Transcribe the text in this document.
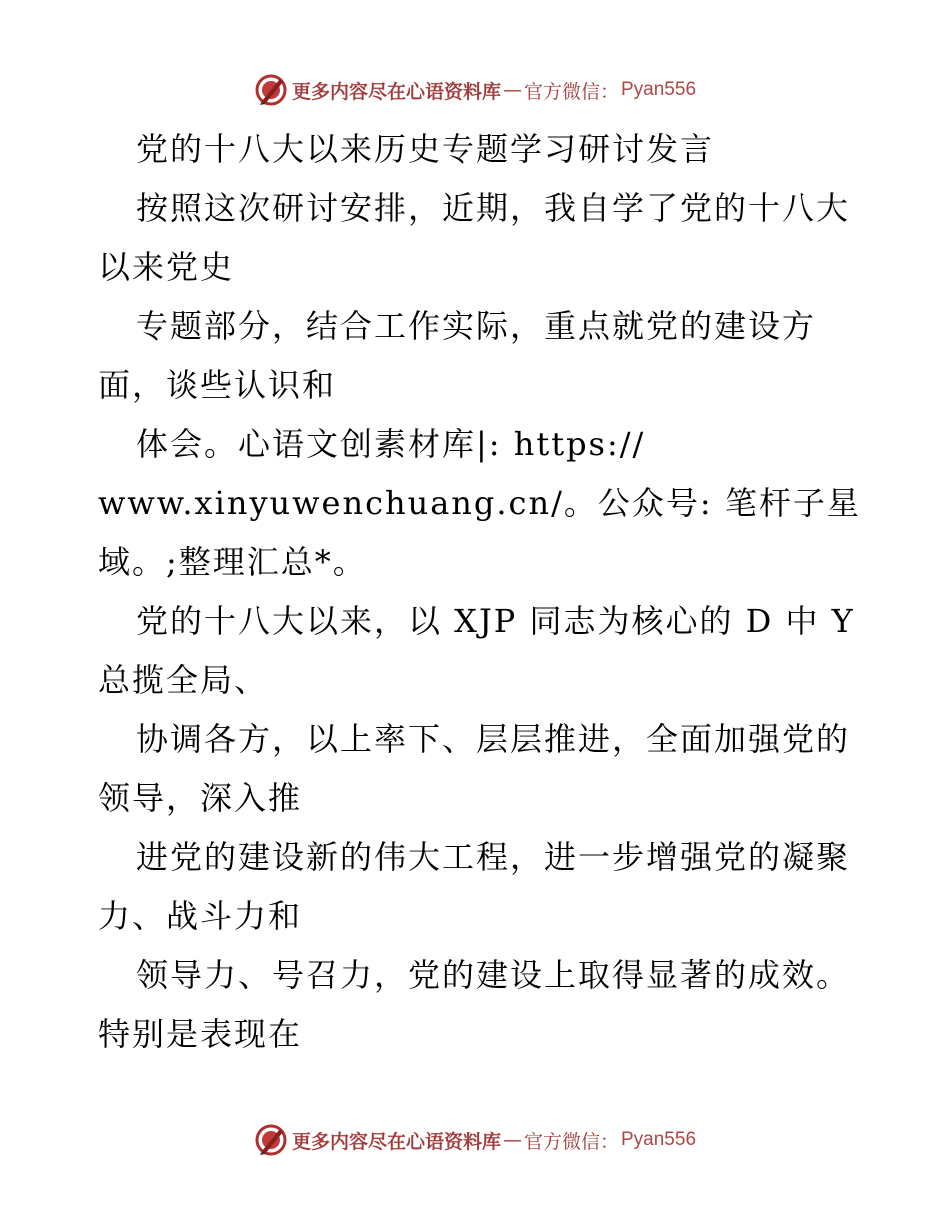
更多内容尽在心语资料库 — 官方微信： Pyan556
党的十八大以来历史专题学习研讨发言
按照这次研讨安排，近期，我自学了党的十八大
以来党史
专题部分，结合工作实际，重点就党的建设方
面，谈些认识和
体会。心语文创素材库|: https://
www.xinyuwenchuang.cn/。公众号: 笔杆子星
域。;整理汇总*。
党的十八大以来，以 XJP 同志为核心的 D 中 Y
总揽全局、
协调各方，以上率下、层层推进，全面加强党的
领导，深入推
进党的建设新的伟大工程，进一步增强党的凝聚
力、战斗力和
领导力、号召力，党的建设上取得显著的成效。
特别是表现在
更多内容尽在心语资料库 — 官方微信： Pyan556
